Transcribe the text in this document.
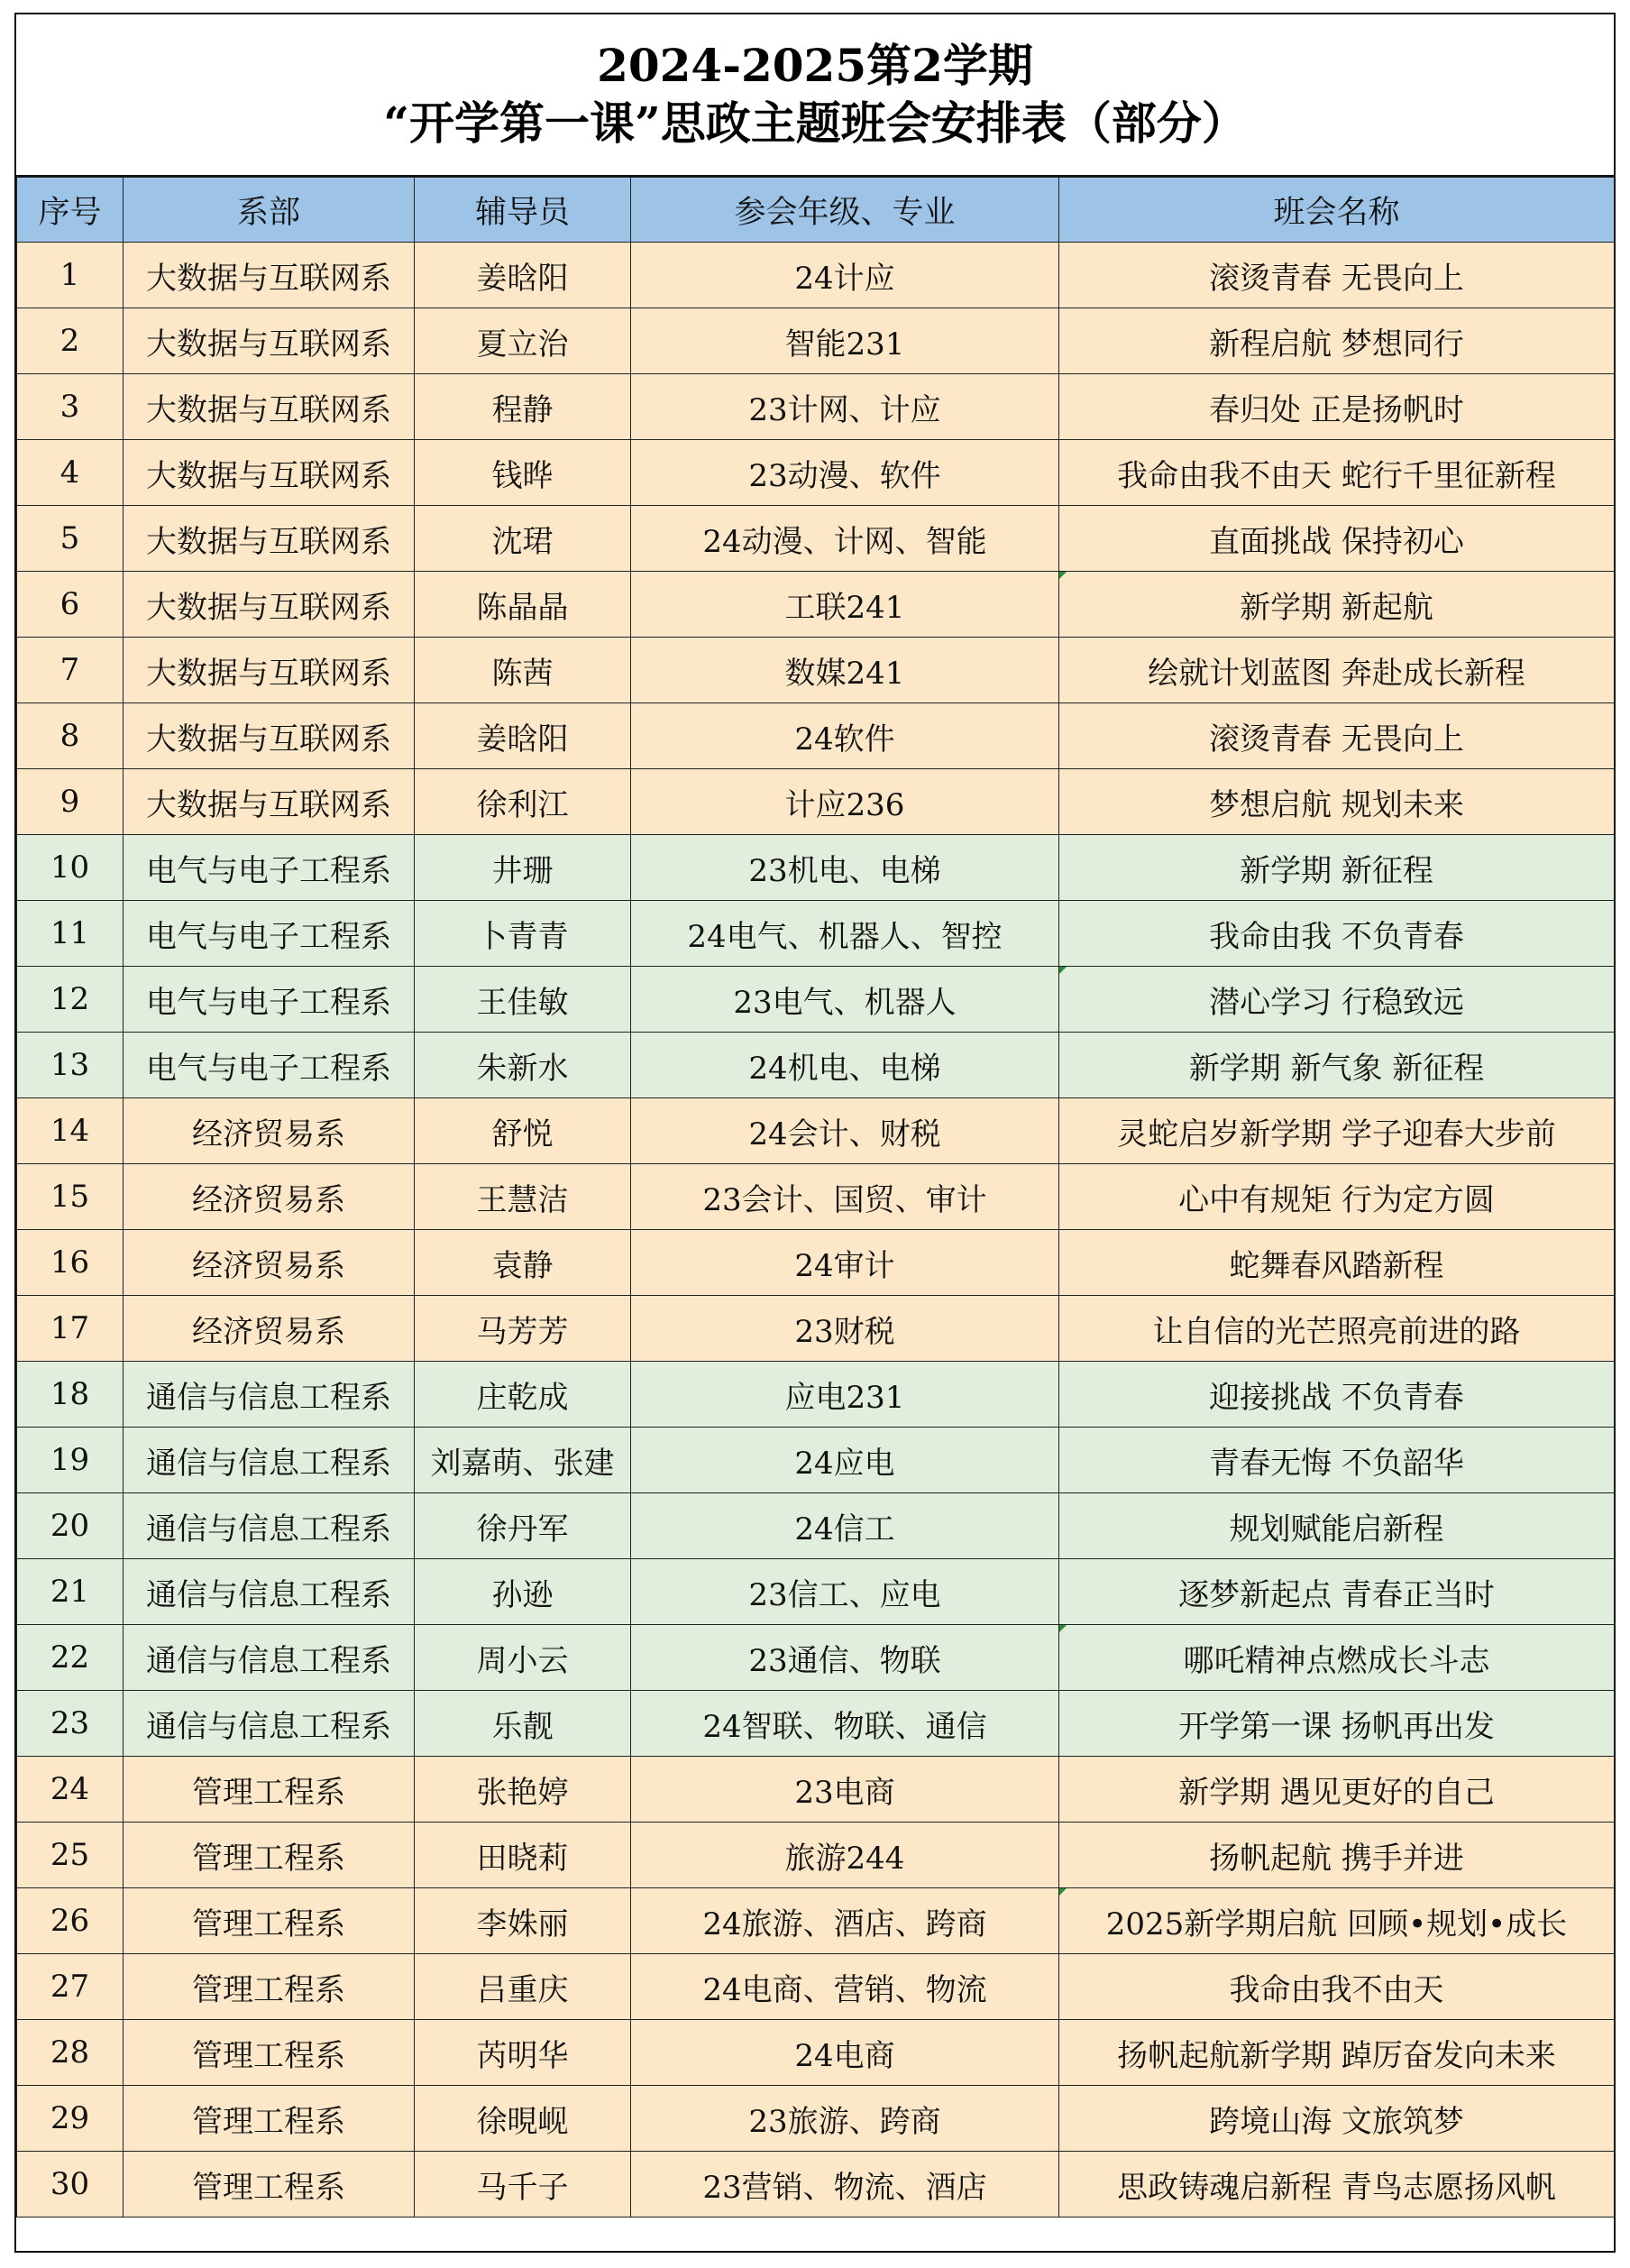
2024-2025第2学期
“开学第一课”思政主题班会安排表（部分）
序号	系部	辅导员	参会年级、专业	班会名称
1	大数据与互联网系	姜晗阳	24计应	滚烫青春 无畏向上
2	大数据与互联网系	夏立治	智能231	新程启航 梦想同行
3	大数据与互联网系	程静	23计网、计应	春归处 正是扬帆时
4	大数据与互联网系	钱晔	23动漫、软件	我命由我不由天 蛇行千里征新程
5	大数据与互联网系	沈珺	24动漫、计网、智能	直面挑战 保持初心
6	大数据与互联网系	陈晶晶	工联241	新学期 新起航
7	大数据与互联网系	陈茜	数媒241	绘就计划蓝图 奔赴成长新程
8	大数据与互联网系	姜晗阳	24软件	滚烫青春 无畏向上
9	大数据与互联网系	徐利江	计应236	梦想启航 规划未来
10	电气与电子工程系	井珊	23机电、电梯	新学期 新征程
11	电气与电子工程系	卜青青	24电气、机器人、智控	我命由我 不负青春
12	电气与电子工程系	王佳敏	23电气、机器人	潜心学习 行稳致远
13	电气与电子工程系	朱新水	24机电、电梯	新学期 新气象 新征程
14	经济贸易系	舒悦	24会计、财税	灵蛇启岁新学期 学子迎春大步前
15	经济贸易系	王慧洁	23会计、国贸、审计	心中有规矩 行为定方圆
16	经济贸易系	袁静	24审计	蛇舞春风踏新程
17	经济贸易系	马芳芳	23财税	让自信的光芒照亮前进的路
18	通信与信息工程系	庄乾成	应电231	迎接挑战 不负青春
19	通信与信息工程系	刘嘉萌、张建	24应电	青春无悔 不负韶华
20	通信与信息工程系	徐丹军	24信工	规划赋能启新程
21	通信与信息工程系	孙逊	23信工、应电	逐梦新起点 青春正当时
22	通信与信息工程系	周小云	23通信、物联	哪吒精神点燃成长斗志
23	通信与信息工程系	乐靓	24智联、物联、通信	开学第一课 扬帆再出发
24	管理工程系	张艳婷	23电商	新学期 遇见更好的自己
25	管理工程系	田晓莉	旅游244	扬帆起航 携手并进
26	管理工程系	李姝丽	24旅游、酒店、跨商	2025新学期启航 回顾•规划•成长
27	管理工程系	吕重庆	24电商、营销、物流	我命由我不由天
28	管理工程系	芮明华	24电商	扬帆起航新学期 踔厉奋发向未来
29	管理工程系	徐晛岘	23旅游、跨商	跨境山海 文旅筑梦
30	管理工程系	马千子	23营销、物流、酒店	思政铸魂启新程 青鸟志愿扬风帆
